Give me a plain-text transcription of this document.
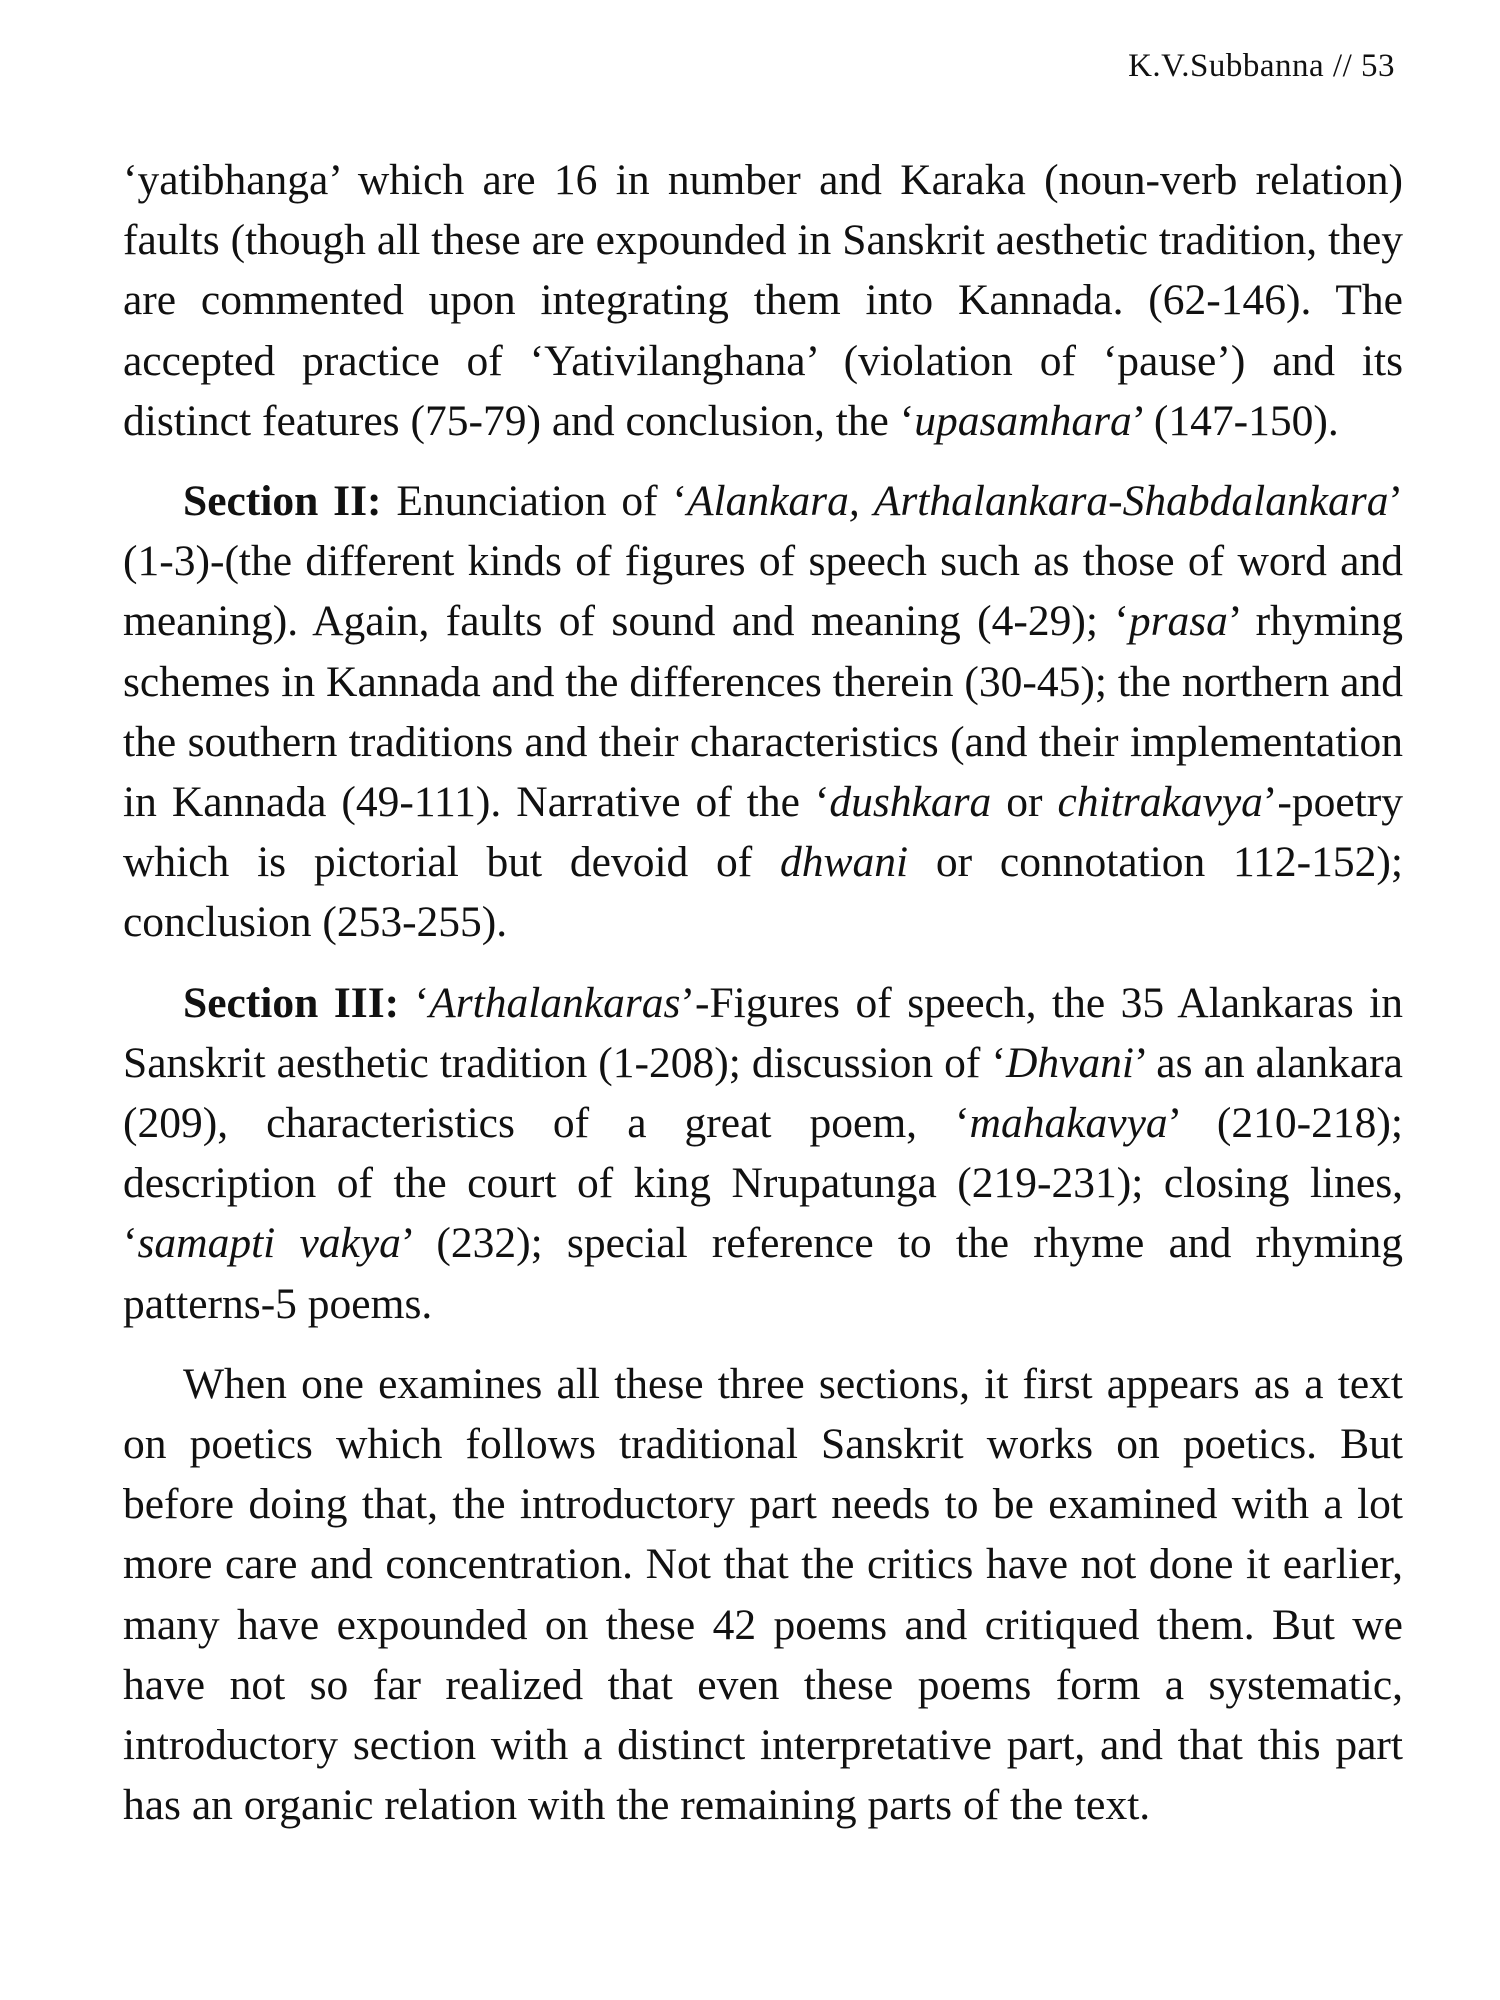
K.V.Subbanna // 53

‘yatibhanga’ which are 16 in number and Karaka (noun-verb relation) faults (though all these are expounded in Sanskrit aesthetic tradition, they are commented upon integrating them into Kannada. (62-146). The accepted practice of ‘Yativilanghana’ (violation of ‘pause’) and its distinct features (75-79) and conclusion, the ‘upasamhara’ (147-150).

Section II: Enunciation of ‘Alankara, Arthalankara-Shabdalankara’ (1-3)-(the different kinds of figures of speech such as those of word and meaning). Again, faults of sound and meaning (4-29); ‘prasa’ rhyming schemes in Kannada and the differences therein (30-45); the northern and the southern traditions and their characteristics (and their implementation in Kannada (49-111). Narrative of the ‘dushkara or chitrakavya’-poetry which is pictorial but devoid of dhwani or connotation 112-152); conclusion (253-255).

Section III: ‘Arthalankaras’-Figures of speech, the 35 Alankaras in Sanskrit aesthetic tradition (1-208); discussion of ‘Dhvani’ as an alankara (209), characteristics of a great poem, ‘mahakavya’ (210-218); description of the court of king Nrupatunga (219-231); closing lines, ‘samapti vakya’ (232); special reference to the rhyme and rhyming patterns-5 poems.

When one examines all these three sections, it first appears as a text on poetics which follows traditional Sanskrit works on poetics. But before doing that, the introductory part needs to be examined with a lot more care and concentration. Not that the critics have not done it earlier, many have expounded on these 42 poems and critiqued them. But we have not so far realized that even these poems form a systematic, introductory section with a distinct interpretative part, and that this part has an organic relation with the remaining parts of the text.
